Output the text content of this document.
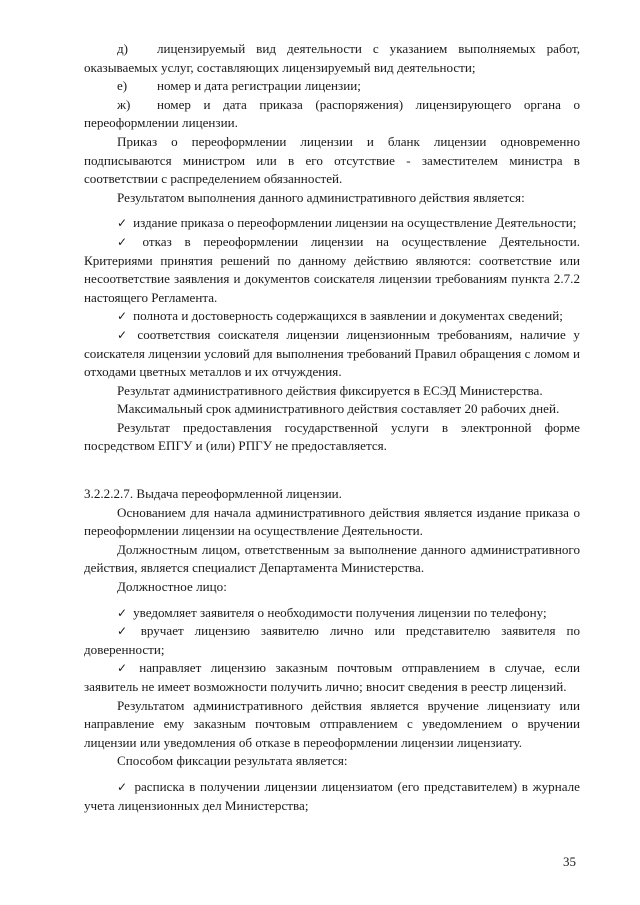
д) лицензируемый вид деятельности с указанием выполняемых работ, оказываемых услуг, составляющих лицензируемый вид деятельности;

е) номер и дата регистрации лицензии;

ж) номер и дата приказа (распоряжения) лицензирующего органа о переоформлении лицензии.

Приказ о переоформлении лицензии и бланк лицензии одновременно подписываются министром или в его отсутствие - заместителем министра в соответствии с распределением обязанностей.

Результатом выполнения данного административного действия является:

✓ издание приказа о переоформлении лицензии на осуществление Деятельности;

✓ отказ в переоформлении лицензии на осуществление Деятельности. Критериями принятия решений по данному действию являются: соответствие или несоответствие заявления и документов соискателя лицензии требованиям пункта 2.7.2 настоящего Регламента.

✓ полнота и достоверность содержащихся в заявлении и документах сведений;

✓ соответствия соискателя лицензии лицензионным требованиям, наличие у соискателя лицензии условий для выполнения требований Правил обращения с ломом и отходами цветных металлов и их отчуждения.

Результат административного действия фиксируется в ЕСЭД Министерства.

Максимальный срок административного действия составляет 20 рабочих дней.

Результат предоставления государственной услуги в электронной форме посредством ЕПГУ и (или) РПГУ не предоставляется.

3.2.2.2.7. Выдача переоформленной лицензии.

Основанием для начала административного действия является издание приказа о переоформлении лицензии на осуществление Деятельности.

Должностным лицом, ответственным за выполнение данного административного действия, является специалист Департамента Министерства.

Должностное лицо:

✓ уведомляет заявителя о необходимости получения лицензии по телефону;

✓ вручает лицензию заявителю лично или представителю заявителя по доверенности;

✓ направляет лицензию заказным почтовым отправлением в случае, если заявитель не имеет возможности получить лично; вносит сведения в реестр лицензий.

Результатом административного действия является вручение лицензиату или направление ему заказным почтовым отправлением с уведомлением о вручении лицензии или уведомления об отказе в переоформлении лицензии лицензиату.

Способом фиксации результата является:

✓ расписка в получении лицензии лицензиатом (его представителем) в журнале учета лицензионных дел Министерства;

35
